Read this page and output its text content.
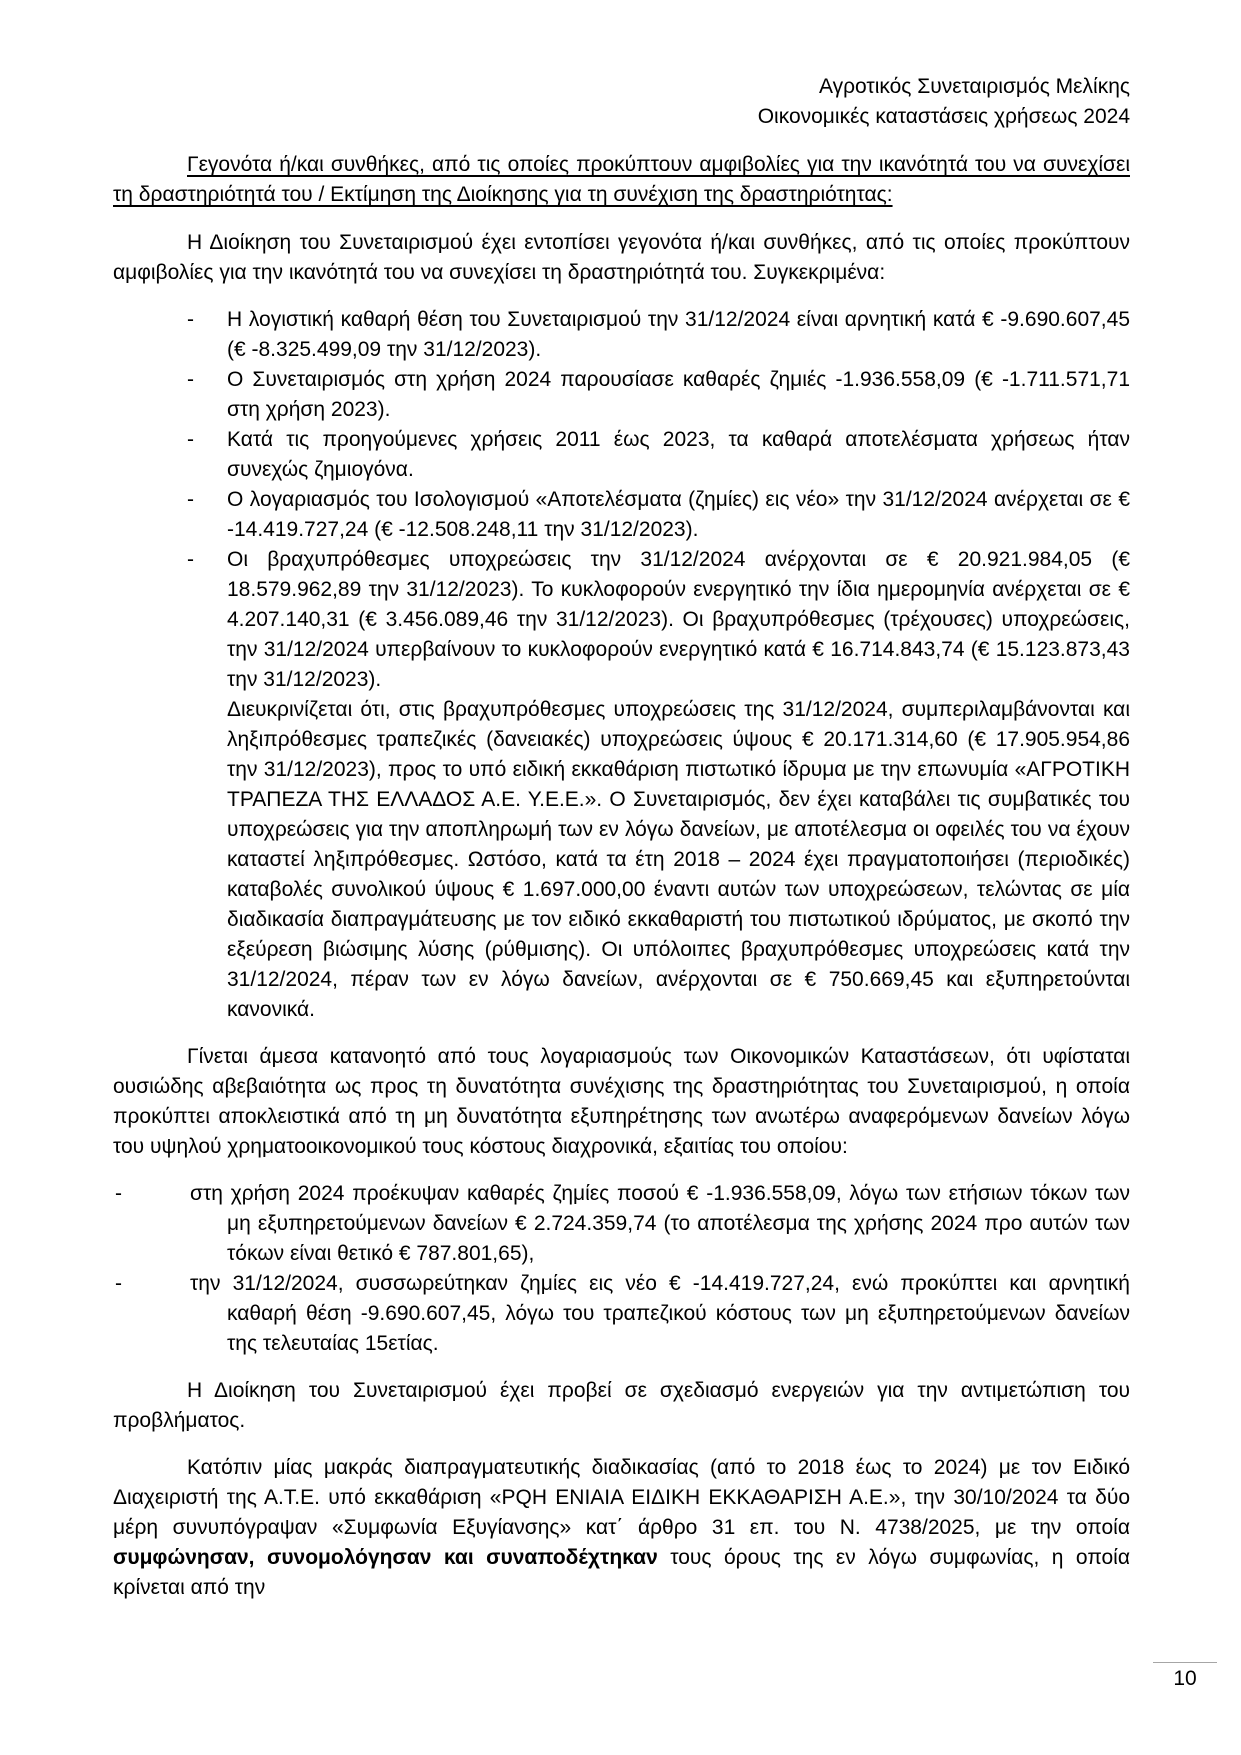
Αγροτικός Συνεταιρισμός Μελίκης
Οικονομικές καταστάσεις χρήσεως 2024

Γεγονότα ή/και συνθήκες, από τις οποίες προκύπτουν αμφιβολίες για την ικανότητά του να συνεχίσει τη δραστηριότητά του / Εκτίμηση της Διοίκησης για τη συνέχιση της δραστηριότητας:

Η Διοίκηση του Συνεταιρισμού έχει εντοπίσει γεγονότα ή/και συνθήκες, από τις οποίες προκύπτουν αμφιβολίες για την ικανότητά του να συνεχίσει τη δραστηριότητά του. Συγκεκριμένα:

- Η λογιστική καθαρή θέση του Συνεταιρισμού την 31/12/2024 είναι αρνητική κατά € -9.690.607,45 (€ -8.325.499,09 την 31/12/2023).
- Ο Συνεταιρισμός στη χρήση 2024 παρουσίασε καθαρές ζημιές -1.936.558,09 (€ -1.711.571,71 στη χρήση 2023).
- Κατά τις προηγούμενες χρήσεις 2011 έως 2023, τα καθαρά αποτελέσματα χρήσεως ήταν συνεχώς ζημιογόνα.
- Ο λογαριασμός του Ισολογισμού «Αποτελέσματα (ζημίες) εις νέο» την 31/12/2024 ανέρχεται σε € -14.419.727,24 (€ -12.508.248,11 την 31/12/2023).
- Οι βραχυπρόθεσμες υποχρεώσεις την 31/12/2024 ανέρχονται σε € 20.921.984,05 (€ 18.579.962,89 την 31/12/2023). Το κυκλοφορούν ενεργητικό την ίδια ημερομηνία ανέρχεται σε € 4.207.140,31 (€ 3.456.089,46 την 31/12/2023). Οι βραχυπρόθεσμες (τρέχουσες) υποχρεώσεις, την 31/12/2024 υπερβαίνουν το κυκλοφορούν ενεργητικό κατά € 16.714.843,74 (€ 15.123.873,43 την 31/12/2023).

Διευκρινίζεται ότι, στις βραχυπρόθεσμες υποχρεώσεις της 31/12/2024, συμπεριλαμβάνονται και ληξιπρόθεσμες τραπεζικές (δανειακές) υποχρεώσεις ύψους € 20.171.314,60 (€ 17.905.954,86 την 31/12/2023), προς το υπό ειδική εκκαθάριση πιστωτικό ίδρυμα με την επωνυμία «ΑΓΡΟΤΙΚΗ ΤΡΑΠΕΖΑ ΤΗΣ ΕΛΛΑΔΟΣ Α.Ε. Υ.Ε.Ε.». Ο Συνεταιρισμός, δεν έχει καταβάλει τις συμβατικές του υποχρεώσεις για την αποπληρωμή των εν λόγω δανείων, με αποτέλεσμα οι οφειλές του να έχουν καταστεί ληξιπρόθεσμες. Ωστόσο, κατά τα έτη 2018 – 2024 έχει πραγματοποιήσει (περιοδικές) καταβολές συνολικού ύψους € 1.697.000,00 έναντι αυτών των υποχρεώσεων, τελώντας σε μία διαδικασία διαπραγμάτευσης με τον ειδικό εκκαθαριστή του πιστωτικού ιδρύματος, με σκοπό την εξεύρεση βιώσιμης λύσης (ρύθμισης). Οι υπόλοιπες βραχυπρόθεσμες υποχρεώσεις κατά την 31/12/2024, πέραν των εν λόγω δανείων, ανέρχονται σε € 750.669,45 και εξυπηρετούνται κανονικά.

Γίνεται άμεσα κατανοητό από τους λογαριασμούς των Οικονομικών Καταστάσεων, ότι υφίσταται ουσιώδης αβεβαιότητα ως προς τη δυνατότητα συνέχισης της δραστηριότητας του Συνεταιρισμού, η οποία προκύπτει αποκλειστικά από τη μη δυνατότητα εξυπηρέτησης των ανωτέρω αναφερόμενων δανείων λόγω του υψηλού χρηματοοικονομικού τους κόστους διαχρονικά, εξαιτίας του οποίου:

-	στη χρήση 2024 προέκυψαν καθαρές ζημίες ποσού € -1.936.558,09, λόγω των ετήσιων τόκων των μη εξυπηρετούμενων δανείων € 2.724.359,74 (το αποτέλεσμα της χρήσης 2024 προ αυτών των τόκων είναι θετικό € 787.801,65),
-	την 31/12/2024, συσσωρεύτηκαν ζημίες εις νέο € -14.419.727,24, ενώ προκύπτει και αρνητική καθαρή θέση -9.690.607,45, λόγω του τραπεζικού κόστους των μη εξυπηρετούμενων δανείων της τελευταίας 15ετίας.

Η Διοίκηση του Συνεταιρισμού έχει προβεί σε σχεδιασμό ενεργειών για την αντιμετώπιση του προβλήματος.

Κατόπιν μίας μακράς διαπραγματευτικής διαδικασίας (από το 2018 έως το 2024) με τον Ειδικό Διαχειριστή της Α.Τ.Ε. υπό εκκαθάριση «PQH ΕΝΙΑΙΑ ΕΙΔΙΚΗ ΕΚΚΑΘΑΡΙΣΗ Α.Ε.», την 30/10/2024 τα δύο μέρη συνυπόγραψαν «Συμφωνία Εξυγίανσης» κατ΄ άρθρο 31 επ. του Ν. 4738/2025, με την οποία συμφώνησαν, συνομολόγησαν και συναποδέχτηκαν τους όρους της εν λόγω συμφωνίας, η οποία κρίνεται από την

10
